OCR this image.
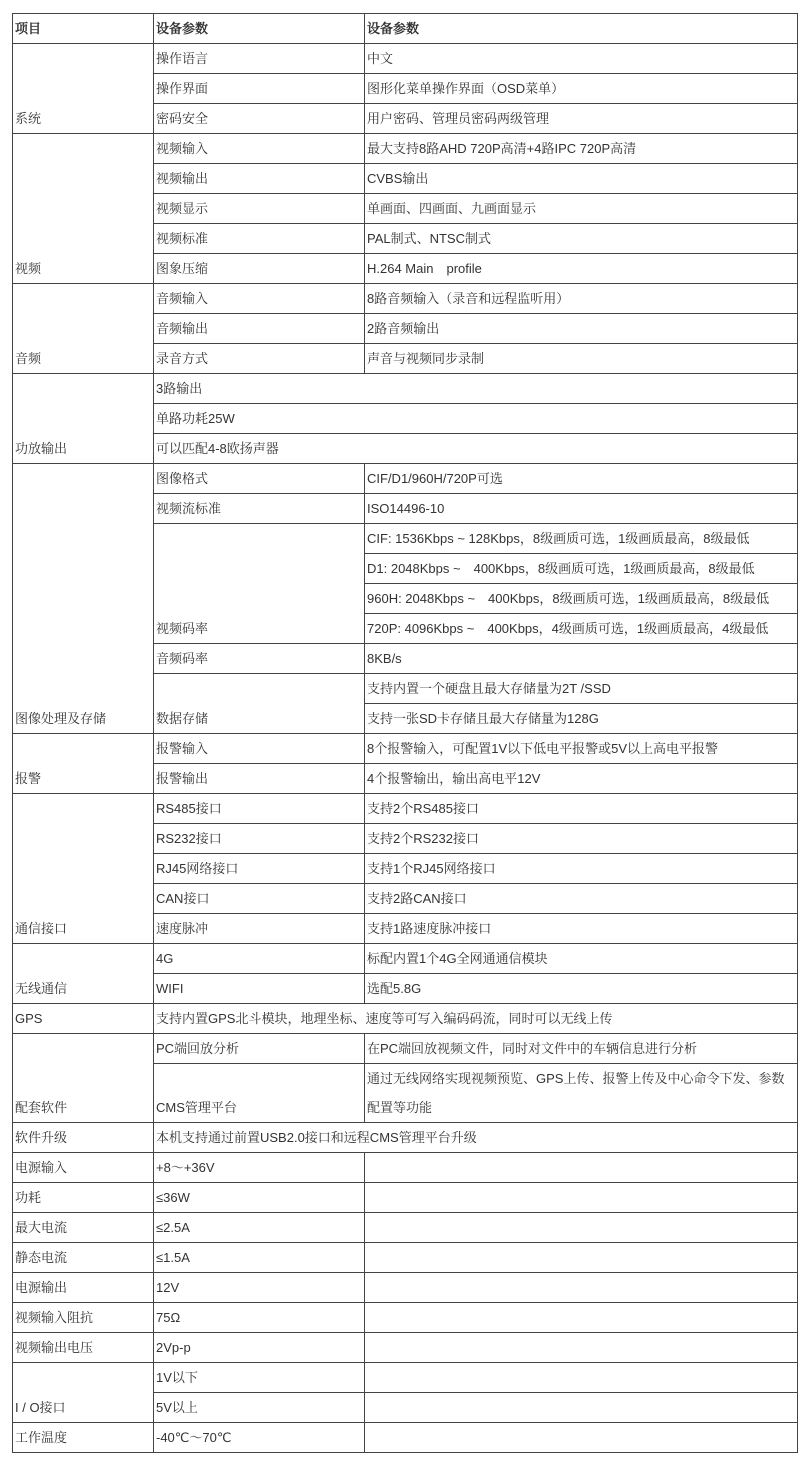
项目	设备参数	设备参数
系统	操作语言	中文
	操作界面	图形化菜单操作界面（OSD菜单）
	密码安全	用户密码、管理员密码两级管理
视频	视频输入	最大支持8路AHD 720P高清+4路IPC 720P高清
	视频输出	CVBS输出
	视频显示	单画面、四画面、九画面显示
	视频标准	PAL制式、NTSC制式
	图象压缩	H.264 Main　profile
音频	音频输入	8路音频输入（录音和远程监听用）
	音频输出	2路音频输出
	录音方式	声音与视频同步录制
功放输出	3路输出	
	单路功耗25W	
	可以匹配4-8欧扬声器	
图像处理及存储	图像格式	CIF/D1/960H/720P可选
	视频流标准	ISO14496-10
	视频码率	CIF: 1536Kbps ~ 128Kbps，8级画质可选，1级画质最高，8级最低
		D1: 2048Kbps ~　400Kbps，8级画质可选，1级画质最高，8级最低
		960H: 2048Kbps ~　400Kbps，8级画质可选，1级画质最高，8级最低
		720P: 4096Kbps ~　400Kbps，4级画质可选，1级画质最高，4级最低
	音频码率	8KB/s
	数据存储	支持内置一个硬盘且最大存储量为2T /SSD
		支持一张SD卡存储且最大存储量为128G
报警	报警输入	8个报警输入，可配置1V以下低电平报警或5V以上高电平报警
	报警输出	4个报警输出，输出高电平12V
通信接口	RS485接口	支持2个RS485接口
	RS232接口	支持2个RS232接口
	RJ45网络接口	支持1个RJ45网络接口
	CAN接口	支持2路CAN接口
	速度脉冲	支持1路速度脉冲接口
无线通信	4G	标配内置1个4G全网通通信模块
	WIFI	选配5.8G
GPS	支持内置GPS北斗模块，地理坐标、速度等可写入编码码流，同时可以无线上传	
配套软件	PC端回放分析	在PC端回放视频文件，同时对文件中的车辆信息进行分析
	CMS管理平台	通过无线网络实现视频预览、GPS上传、报警上传及中心命令下发、参数配置等功能
软件升级	本机支持通过前置USB2.0接口和远程CMS管理平台升级	
电源输入	+8～+36V	
功耗	≤36W	
最大电流	≤2.5A	
静态电流	≤1.5A	
电源输出	12V	
视频输入阻抗	75Ω	
视频输出电压	2Vp-p	
I / O接口	1V以下	
	5V以上	
工作温度	-40℃～70℃	
